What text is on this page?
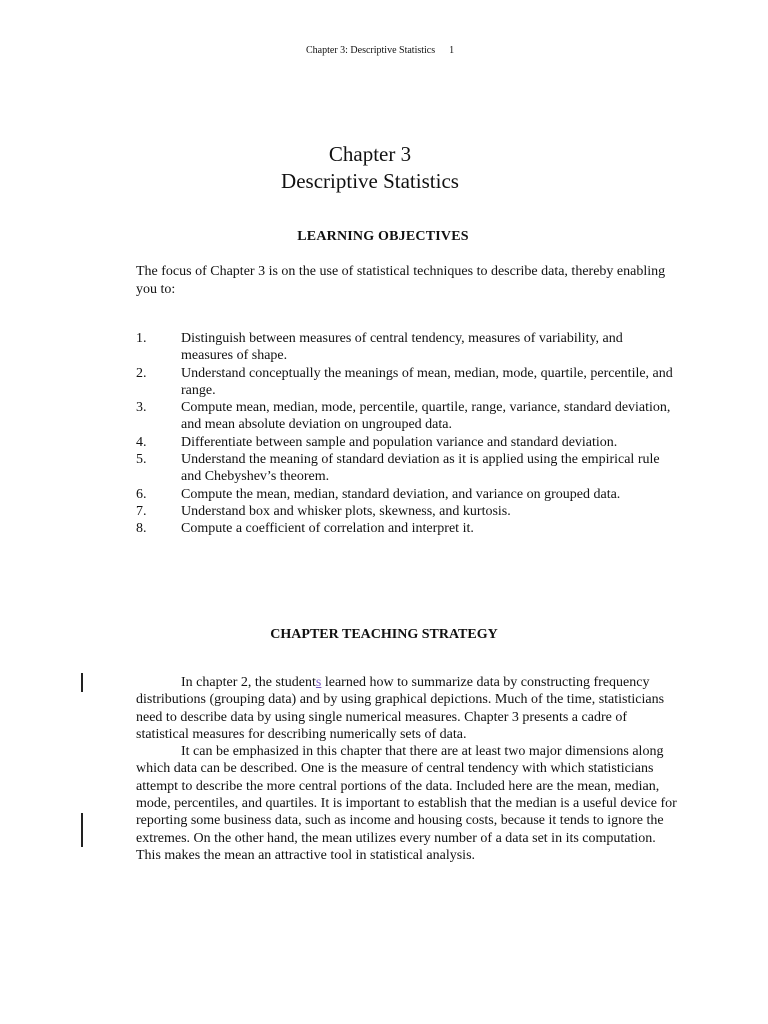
Chapter 3: Descriptive Statistics 1
Chapter 3
Descriptive Statistics
LEARNING OBJECTIVES
The focus of Chapter 3 is on the use of statistical techniques to describe data, thereby enabling you to:
1.	Distinguish between measures of central tendency, measures of variability, and measures of shape.
2.	Understand conceptually the meanings of mean, median, mode, quartile, percentile, and range.
3.	Compute mean, median, mode, percentile, quartile, range, variance, standard deviation, and mean absolute deviation on ungrouped data.
4.	Differentiate between sample and population variance and standard deviation.
5.	Understand the meaning of standard deviation as it is applied using the empirical rule and Chebyshev’s theorem.
6.	Compute the mean, median, standard deviation, and variance on grouped data.
7.	Understand box and whisker plots, skewness, and kurtosis.
8.	Compute a coefficient of correlation and interpret it.
CHAPTER TEACHING STRATEGY

In chapter 2, the students learned how to summarize data by constructing frequency distributions (grouping data) and by using graphical depictions. Much of the time, statisticians need to describe data by using single numerical measures. Chapter 3 presents a cadre of statistical measures for describing numerically sets of data.

It can be emphasized in this chapter that there are at least two major dimensions along which data can be described. One is the measure of central tendency with which statisticians attempt to describe the more central portions of the data. Included here are the mean, median, mode, percentiles, and quartiles. It is important to establish that the median is a useful device for reporting some business data, such as income and housing costs, because it tends to ignore the extremes. On the other hand, the mean utilizes every number of a data set in its computation. This makes the mean an attractive tool in statistical analysis.
